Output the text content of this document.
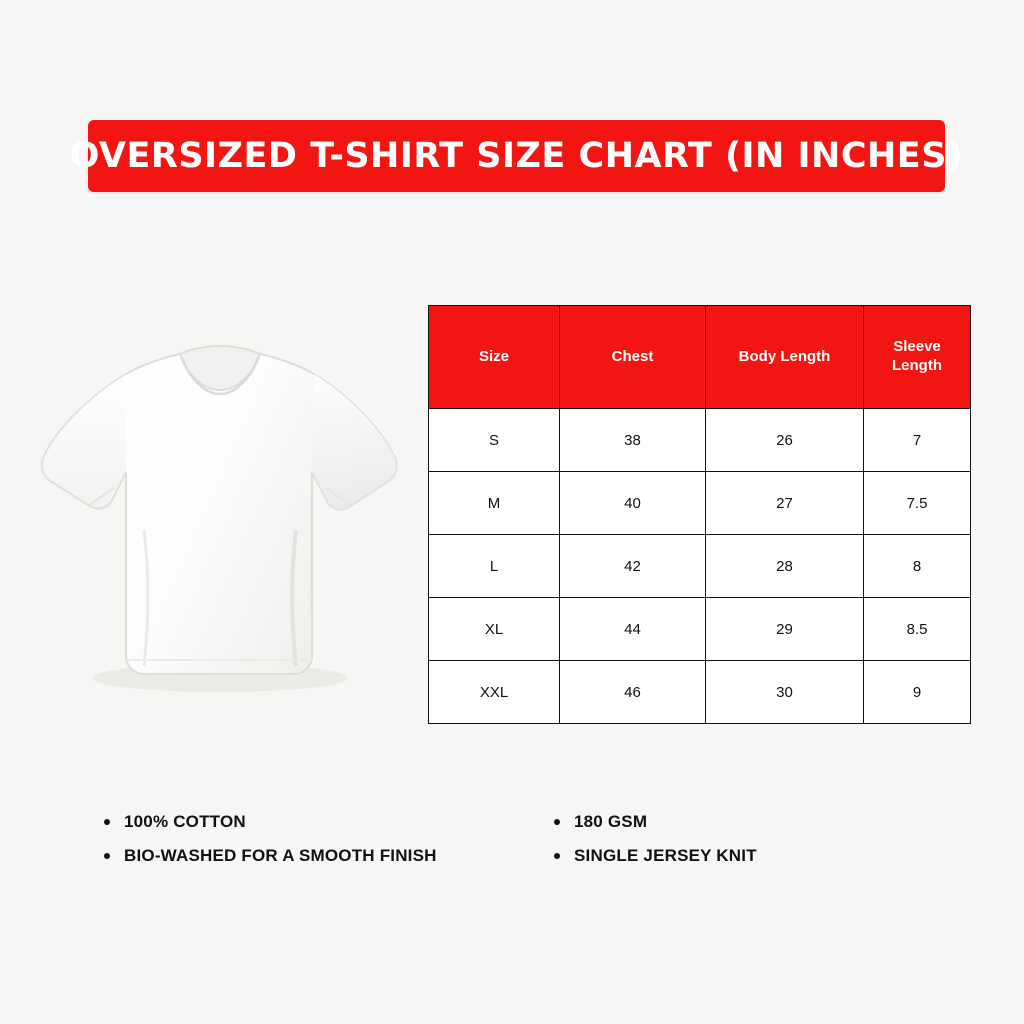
OVERSIZED T-SHIRT SIZE CHART (IN INCHES)
Size	Chest	Body Length	Sleeve Length
S	38	26	7
M	40	27	7.5
L	42	28	8
XL	44	29	8.5
XXL	46	30	9
100% COTTON
BIO-WASHED FOR A SMOOTH FINISH
180 GSM
SINGLE JERSEY KNIT
